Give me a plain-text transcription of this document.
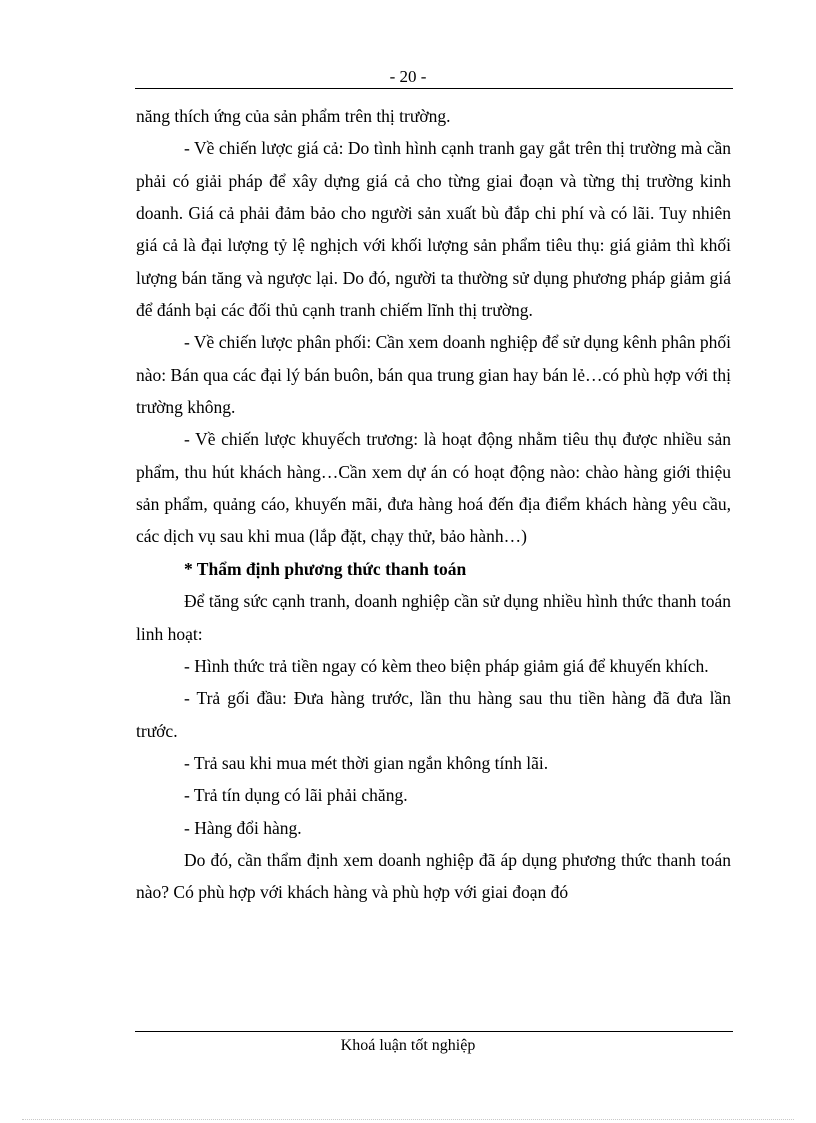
- 20 -

năng thích ứng của sản phẩm trên thị trường.

- Về chiến lược giá cả: Do tình hình cạnh tranh gay gắt trên thị trường mà cần phải có giải pháp để xây dựng giá cả cho từng giai đoạn và từng thị trường kinh doanh. Giá cả phải đảm bảo cho người sản xuất bù đắp chi phí và có lãi. Tuy nhiên giá cả là đại lượng tỷ lệ nghịch với khối lượng sản phẩm tiêu thụ: giá giảm thì khối lượng bán tăng và ngược lại. Do đó, người ta thường sử dụng phương pháp giảm giá để đánh bại các đối thủ cạnh tranh chiếm lĩnh thị trường.

- Về chiến lược phân phối: Cần xem doanh nghiệp để sử dụng kênh phân phối nào: Bán qua các đại lý bán buôn, bán qua trung gian hay bán lẻ…có phù hợp với thị trường không.

- Về chiến lược khuyếch trương: là hoạt động nhằm tiêu thụ được nhiều sản phẩm, thu hút khách hàng…Cần xem dự án có hoạt động nào: chào hàng giới thiệu sản phẩm, quảng cáo, khuyến mãi, đưa hàng hoá đến địa điểm khách hàng yêu cầu, các dịch vụ sau khi mua (lắp đặt, chạy thử, bảo hành…)

* Thẩm định phương thức thanh toán

Để tăng sức cạnh tranh, doanh nghiệp cần sử dụng nhiều hình thức thanh toán linh hoạt:

- Hình thức trả tiền ngay có kèm theo biện pháp giảm giá để khuyến khích.

- Trả gối đầu: Đưa hàng trước, lần thu hàng sau thu tiền hàng đã đưa lần trước.

- Trả sau khi mua mét thời gian ngắn không tính lãi.

- Trả tín dụng có lãi phải chăng.

- Hàng đổi hàng.

Do đó, cần thẩm định xem doanh nghiệp đã áp dụng phương thức thanh toán nào? Có phù hợp với khách hàng và phù hợp với giai đoạn đó

Khoá luận tốt nghiệp
